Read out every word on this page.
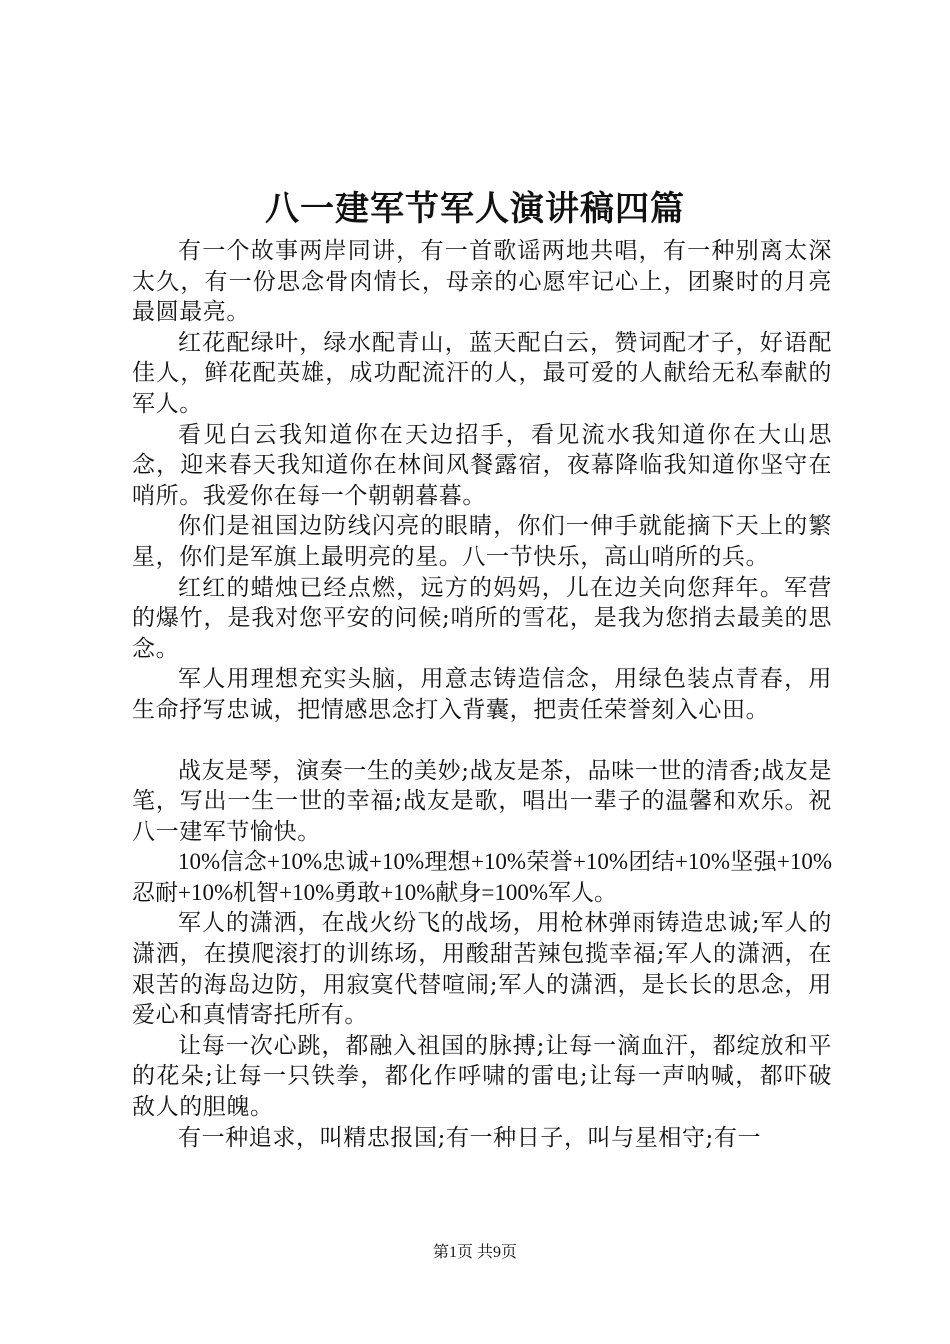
八一建军节军人演讲稿四篇

有一个故事两岸同讲，有一首歌谣两地共唱，有一种别离太深太久，有一份思念骨肉情长，母亲的心愿牢记心上，团聚时的月亮最圆最亮。

红花配绿叶，绿水配青山，蓝天配白云，赞词配才子，好语配佳人，鲜花配英雄，成功配流汗的人，最可爱的人献给无私奉献的军人。

看见白云我知道你在天边招手，看见流水我知道你在大山思念，迎来春天我知道你在林间风餐露宿，夜幕降临我知道你坚守在哨所。我爱你在每一个朝朝暮暮。

你们是祖国边防线闪亮的眼睛，你们一伸手就能摘下天上的繁星，你们是军旗上最明亮的星。八一节快乐，高山哨所的兵。

红红的蜡烛已经点燃，远方的妈妈，儿在边关向您拜年。军营的爆竹，是我对您平安的问候;哨所的雪花，是我为您捎去最美的思念。

军人用理想充实头脑，用意志铸造信念，用绿色装点青春，用生命抒写忠诚，把情感思念打入背囊，把责任荣誉刻入心田。

战友是琴，演奏一生的美妙;战友是茶，品味一世的清香;战友是笔，写出一生一世的幸福;战友是歌，唱出一辈子的温馨和欢乐。祝八一建军节愉快。

10%信念+10%忠诚+10%理想+10%荣誉+10%团结+10%坚强+10%忍耐+10%机智+10%勇敢+10%献身=100%军人。

军人的潇洒，在战火纷飞的战场，用枪林弹雨铸造忠诚;军人的潇洒，在摸爬滚打的训练场，用酸甜苦辣包揽幸福;军人的潇洒，在艰苦的海岛边防，用寂寞代替喧闹;军人的潇洒，是长长的思念，用爱心和真情寄托所有。

让每一次心跳，都融入祖国的脉搏;让每一滴血汗，都绽放和平的花朵;让每一只铁拳，都化作呼啸的雷电;让每一声呐喊，都吓破敌人的胆魄。

有一种追求，叫精忠报国;有一种日子，叫与星相守;有一

第1页 共9页
